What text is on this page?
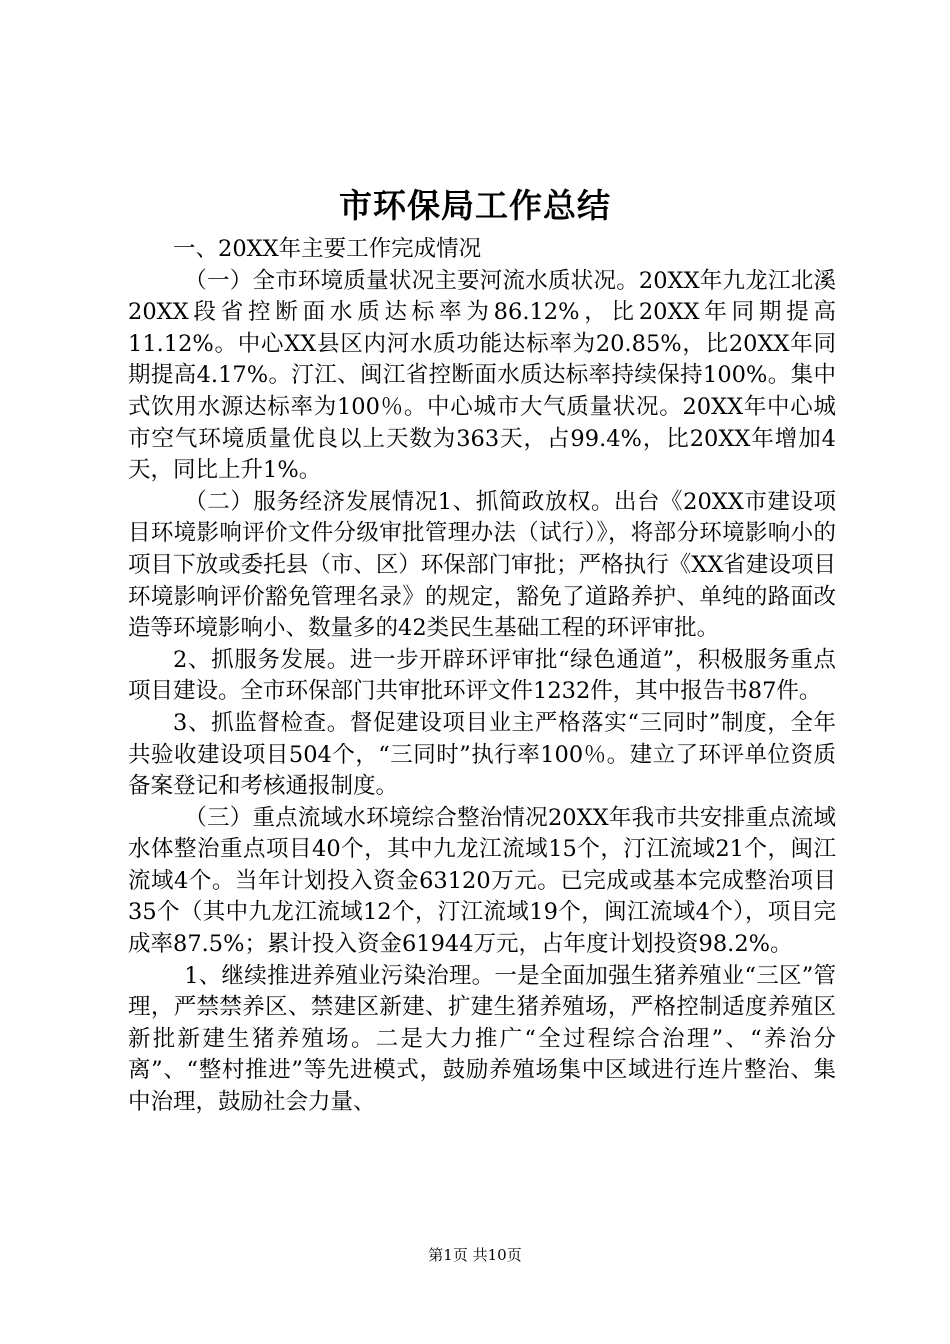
市环保局工作总结

一、20XX年主要工作完成情况

（一）全市环境质量状况主要河流水质状况。20XX年九龙江北溪20XX段省控断面水质达标率为86.12%，比20XX年同期提高11.12%。中心XX县区内河水质功能达标率为20.85%，比20XX年同期提高4.17%。汀江、闽江省控断面水质达标率持续保持100%。集中式饮用水源达标率为100％。中心城市大气质量状况。20XX年中心城市空气环境质量优良以上天数为363天，占99.4%，比20XX年增加4天，同比上升1%。

（二）服务经济发展情况1、抓简政放权。出台《20XX市建设项目环境影响评价文件分级审批管理办法（试行）》，将部分环境影响小的项目下放或委托县（市、区）环保部门审批；严格执行《XX省建设项目环境影响评价豁免管理名录》的规定，豁免了道路养护、单纯的路面改造等环境影响小、数量多的42类民生基础工程的环评审批。

2、抓服务发展。进一步开辟环评审批“绿色通道”，积极服务重点项目建设。全市环保部门共审批环评文件1232件，其中报告书87件。

3、抓监督检查。督促建设项目业主严格落实“三同时”制度，全年共验收建设项目504个，“三同时”执行率100％。建立了环评单位资质备案登记和考核通报制度。

（三）重点流域水环境综合整治情况20XX年我市共安排重点流域水体整治重点项目40个，其中九龙江流域15个，汀江流域21个，闽江流域4个。当年计划投入资金63120万元。已完成或基本完成整治项目35个（其中九龙江流域12个，汀江流域19个，闽江流域4个），项目完成率87.5%；累计投入资金61944万元，占年度计划投资98.2%。

1、继续推进养殖业污染治理。一是全面加强生猪养殖业“三区”管理，严禁禁养区、禁建区新建、扩建生猪养殖场，严格控制适度养殖区新批新建生猪养殖场。二是大力推广“全过程综合治理”、“养治分离”、“整村推进”等先进模式，鼓励养殖场集中区域进行连片整治、集中治理，鼓励社会力量、

第1页 共10页
